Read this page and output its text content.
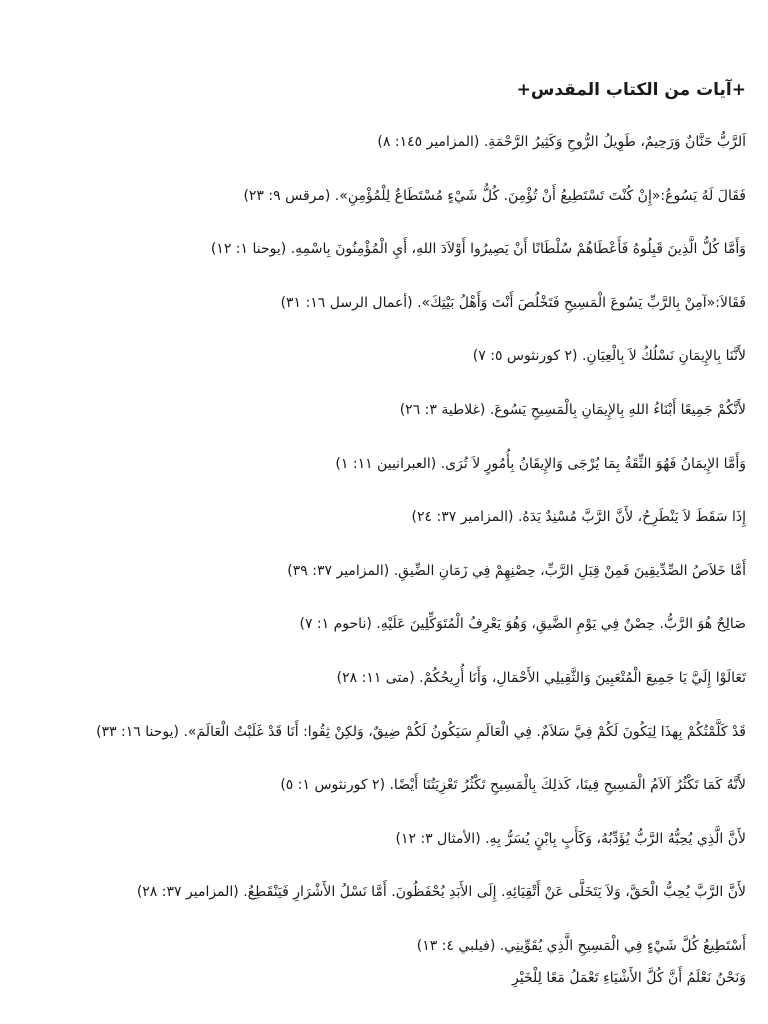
+آيات من الكتاب المقدس+
اَلرَّبُّ حَنَّانٌ وَرَحِيمٌ، طَوِيلُ الرُّوحِ وَكَثِيرُ الرَّحْمَةِ. (المزامير ١٤٥: ٨)
فَقَالَ لَهُ يَسُوعُ:«إِنْ كُنْتَ تَسْتَطِيعُ أَنْ تُؤْمِنَ. كُلُّ شَيْءٍ مُسْتَطَاعٌ لِلْمُؤْمِنِ». (مرقس ٩: ٢٣)
وَأَمَّا كُلُّ الَّذِينَ قَبِلُوهُ فَأَعْطَاهُمْ سُلْطَانًا أَنْ يَصِيرُوا أَوْلاَدَ اللهِ، أَيِ الْمُؤْمِنُونَ بِاسْمِهِ. (يوحنا ١: ١٢)
فَقَالاَ:«آمِنْ بِالرَّبِّ يَسُوعَ الْمَسِيحِ فَتَخْلُصَ أَنْتَ وَأَهْلُ بَيْتِكَ». (أعمال الرسل ١٦: ٣١)
لأَنَّنَا بِالإِيمَانِ نَسْلُكُ لاَ بِالْعِيَانِ. (٢ كورنثوس ٥: ٧)
لأَنَّكُمْ جَمِيعًا أَبْنَاءُ اللهِ بِالإِيمَانِ بِالْمَسِيحِ يَسُوعَ. (غلاطية ٣: ٢٦)
وَأَمَّا الإِيمَانُ فَهُوَ الثِّقَةُ بِمَا يُرْجَى وَالإِيقَانُ بِأُمُورٍ لاَ تُرَى. (العبرانيين ١١: ١)
إِذَا سَقَطَ لاَ يَنْطَرِحُ، لأَنَّ الرَّبَّ مُسْنِدٌ يَدَهُ. (المزامير ٣٧: ٢٤)
أَمَّا خَلاَصُ الصِّدِّيقِينَ فَمِنْ قِبَلِ الرَّبِّ، حِصْنِهِمْ فِي زَمَانِ الضِّيقِ. (المزامير ٣٧: ٣٩)
صَالِحٌ هُوَ الرَّبُّ. حِصْنٌ فِي يَوْمِ الضَّيقِ، وَهُوَ يَعْرِفُ الْمُتَوَكِّلِينَ عَلَيْهِ. (ناحوم ١: ٧)
تَعَالَوْا إِلَيَّ يَا جَمِيعَ الْمُتْعَبِينَ وَالثَّقِيلِي الأَحْمَالِ، وَأَنَا أُرِيحُكُمْ. (متى ١١: ٢٨)
قَدْ كَلَّمْتُكُمْ بِهذَا لِيَكُونَ لَكُمْ فِيَّ سَلاَمٌ. فِي الْعَالَمِ سَيَكُونُ لَكُمْ ضِيقٌ، وَلكِنْ ثِقُوا: أَنَا قَدْ غَلَبْتُ الْعَالَمَ». (يوحنا ١٦: ٣٣)
لأَنَّهُ كَمَا تَكْثُرُ آلاَمُ الْمَسِيحِ فِينَا، كَذلِكَ بِالْمَسِيحِ تَكْثُرُ تَعْزِيَتُنَا أَيْضًا. (٢ كورنثوس ١: ٥)
لأَنَّ الَّذِي يُحِبُّهُ الرَّبُّ يُؤَدِّبُهُ، وَكَأَبٍ بِابْنٍ يُسَرُّ بِهِ. (الأمثال ٣: ١٢)
لأَنَّ الرَّبَّ يُحِبُّ الْحَقَّ، وَلاَ يَتَخَلَّى عَنْ أَتْقِيَائِهِ. إِلَى الأَبَدِ يُحْفَظُونَ. أَمَّا نَسْلُ الأَشْرَارِ فَيَنْقَطِعُ. (المزامير ٣٧: ٢٨)
أَسْتَطِيعُ كُلَّ شَيْءٍ فِي الْمَسِيحِ الَّذِي يُقَوِّينِي. (فيلبي ٤: ١٣)
وَنَحْنُ نَعْلَمُ أَنَّ كُلَّ الأَشْيَاءِ تَعْمَلُ مَعًا لِلْخَيْرِ
